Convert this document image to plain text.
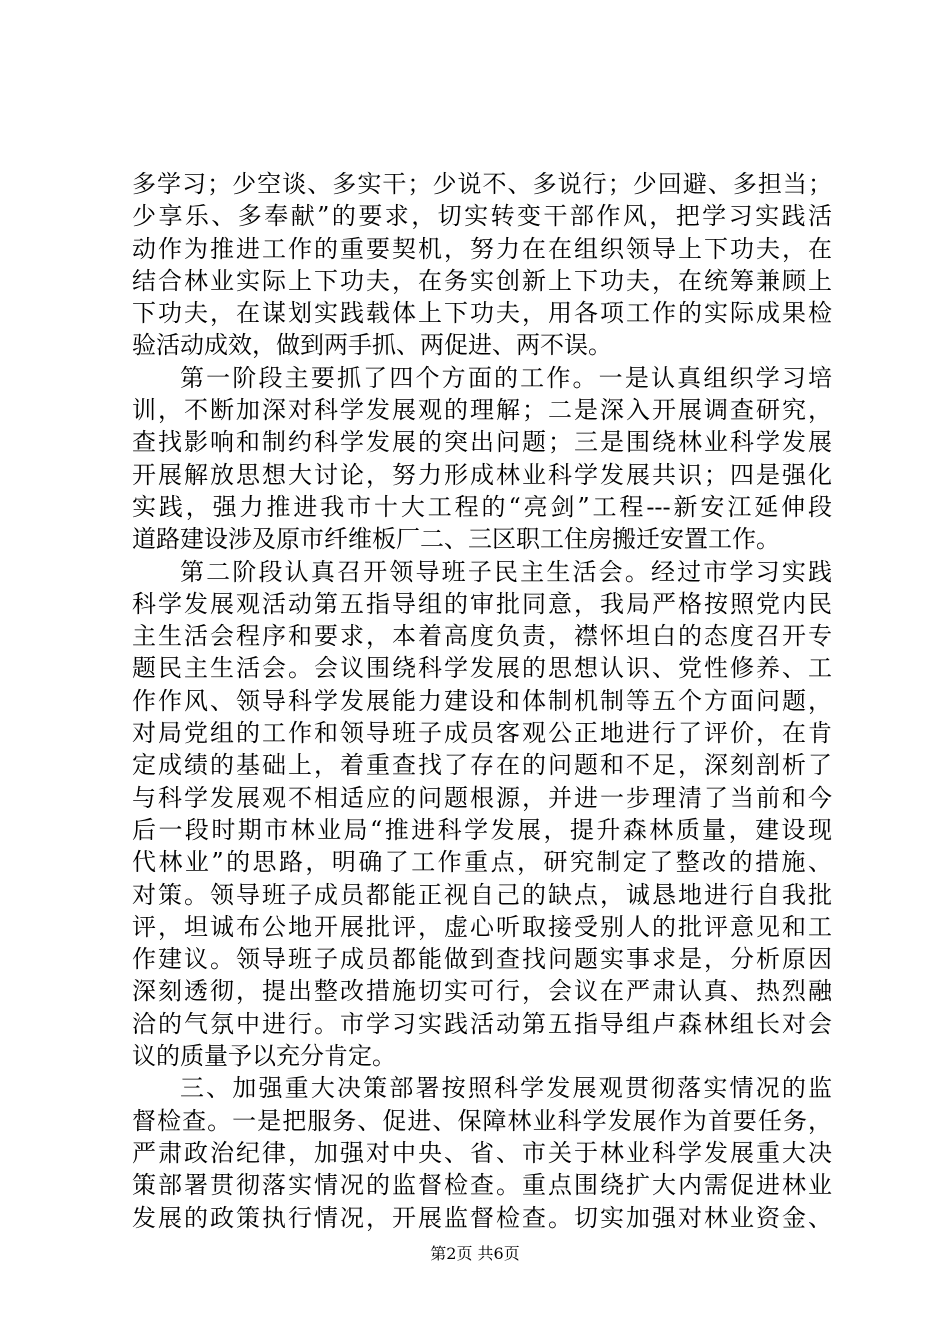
多学习；少空谈、多实干；少说不、多说行；少回避、多担当；
少享乐、多奉献”的要求，切实转变干部作风，把学习实践活
动作为推进工作的重要契机，努力在在组织领导上下功夫，在
结合林业实际上下功夫，在务实创新上下功夫，在统筹兼顾上
下功夫，在谋划实践载体上下功夫，用各项工作的实际成果检
验活动成效，做到两手抓、两促进、两不误。
第一阶段主要抓了四个方面的工作。一是认真组织学习培
训，不断加深对科学发展观的理解；二是深入开展调查研究，
查找影响和制约科学发展的突出问题；三是围绕林业科学发展
开展解放思想大讨论，努力形成林业科学发展共识；四是强化
实践，强力推进我市十大工程的“亮剑”工程---新安江延伸段
道路建设涉及原市纤维板厂二、三区职工住房搬迁安置工作。
第二阶段认真召开领导班子民主生活会。经过市学习实践
科学发展观活动第五指导组的审批同意，我局严格按照党内民
主生活会程序和要求，本着高度负责，襟怀坦白的态度召开专
题民主生活会。会议围绕科学发展的思想认识、党性修养、工
作作风、领导科学发展能力建设和体制机制等五个方面问题，
对局党组的工作和领导班子成员客观公正地进行了评价，在肯
定成绩的基础上，着重查找了存在的问题和不足，深刻剖析了
与科学发展观不相适应的问题根源，并进一步理清了当前和今
后一段时期市林业局“推进科学发展，提升森林质量，建设现
代林业”的思路，明确了工作重点，研究制定了整改的措施、
对策。领导班子成员都能正视自己的缺点，诚恳地进行自我批
评，坦诚布公地开展批评，虚心听取接受别人的批评意见和工
作建议。领导班子成员都能做到查找问题实事求是，分析原因
深刻透彻，提出整改措施切实可行，会议在严肃认真、热烈融
洽的气氛中进行。市学习实践活动第五指导组卢森林组长对会
议的质量予以充分肯定。
三、加强重大决策部署按照科学发展观贯彻落实情况的监
督检查。一是把服务、促进、保障林业科学发展作为首要任务，
严肃政治纪律，加强对中央、省、市关于林业科学发展重大决
策部署贯彻落实情况的监督检查。重点围绕扩大内需促进林业
发展的政策执行情况，开展监督检查。切实加强对林业资金、
第2页 共6页
